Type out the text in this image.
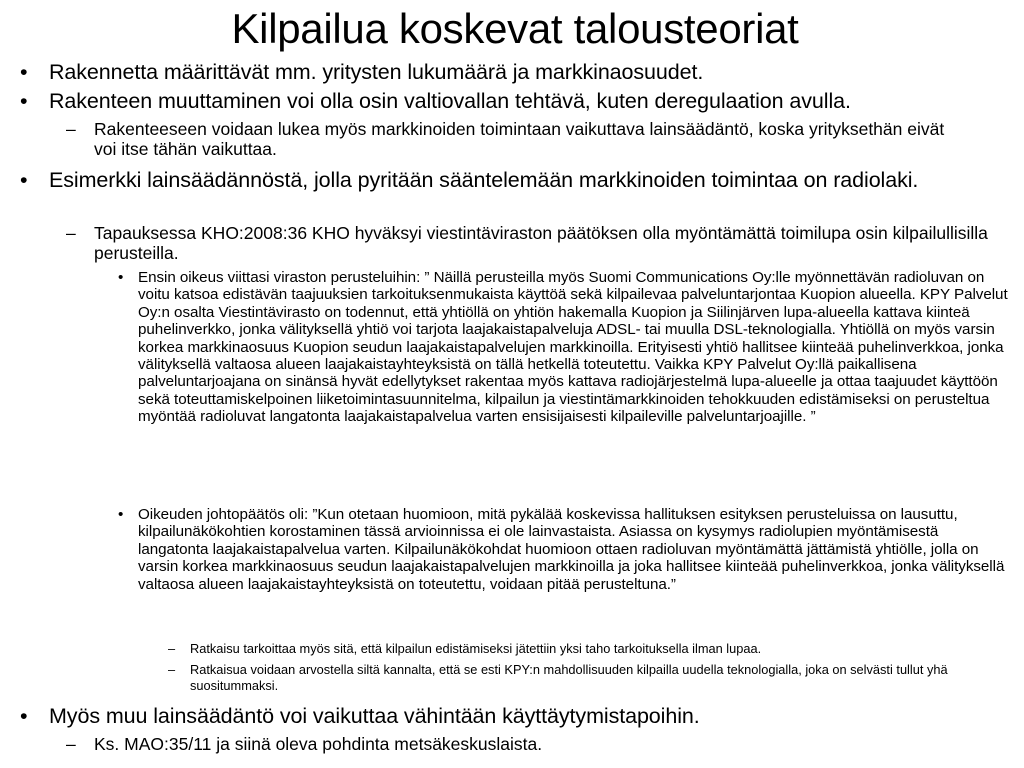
Kilpailua koskevat talousteoriat
• Rakennetta määrittävät mm. yritysten lukumäärä ja markkinaosuudet.
• Rakenteen muuttaminen voi olla osin valtiovallan tehtävä, kuten deregulaation avulla.
– Rakenteeseen voidaan lukea myös markkinoiden toimintaan vaikuttava lainsäädäntö, koska yrityksethän eivät voi itse tähän vaikuttaa.
• Esimerkki lainsäädännöstä, jolla pyritään sääntelemään markkinoiden toimintaa on radiolaki.
– Tapauksessa KHO:2008:36 KHO hyväksyi viestintäviraston päätöksen olla myöntämättä toimilupa osin kilpailullisilla perusteilla.
• Ensin oikeus viittasi viraston perusteluihin: ” Näillä perusteilla myös Suomi Communications Oy:lle myönnettävän radioluvan on voitu katsoa edistävän taajuuksien tarkoituksenmukaista käyttöä sekä kilpailevaa palveluntarjontaa Kuopion alueella. KPY Palvelut Oy:n osalta Viestintävirasto on todennut, että yhtiöllä on yhtiön hakemalla Kuopion ja Siilinjärven lupa-alueella kattava kiinteä puhelinverkko, jonka välityksellä yhtiö voi tarjota laajakaistapalveluja ADSL- tai muulla DSL-teknologialla. Yhtiöllä on myös varsin korkea markkinaosuus Kuopion seudun laajakaistapalvelujen markkinoilla. Erityisesti yhtiö hallitsee kiinteää puhelinverkkoa, jonka välityksellä valtaosa alueen laajakaistayhteyksistä on tällä hetkellä toteutettu. Vaikka KPY Palvelut Oy:llä paikallisena palveluntarjoajana on sinänsä hyvät edellytykset rakentaa myös kattava radiojärjestelmä lupa-alueelle ja ottaa taajuudet käyttöön sekä toteuttamiskelpoinen liiketoimintasuunnitelma, kilpailun ja viestintämarkkinoiden tehokkuuden edistämiseksi on perusteltua myöntää radioluvat langatonta laajakaistapalvelua varten ensisijaisesti kilpaileville palveluntarjoajille. ”
• Oikeuden johtopäätös oli: ”Kun otetaan huomioon, mitä pykälää koskevissa hallituksen esityksen perusteluissa on lausuttu, kilpailunäkökohtien korostaminen tässä arvioinnissa ei ole lainvastaista. Asiassa on kysymys radiolupien myöntämisestä langatonta laajakaistapalvelua varten. Kilpailunäkökohdat huomioon ottaen radioluvan myöntämättä jättämistä yhtiölle, jolla on varsin korkea markkinaosuus seudun laajakaistapalvelujen markkinoilla ja joka hallitsee kiinteää puhelinverkkoa, jonka välityksellä valtaosa alueen laajakaistayhteyksistä on toteutettu, voidaan pitää perusteltuna.”
– Ratkaisu tarkoittaa myös sitä, että kilpailun edistämiseksi jätettiin yksi taho tarkoituksella ilman lupaa.
– Ratkaisua voidaan arvostella siltä kannalta, että se esti KPY:n mahdollisuuden kilpailla uudella teknologialla, joka on selvästi tullut yhä suositummaksi.
• Myös muu lainsäädäntö voi vaikuttaa vähintään käyttäytymistapoihin.
– Ks. MAO:35/11 ja siinä oleva pohdinta metsäkeskuslaista.
